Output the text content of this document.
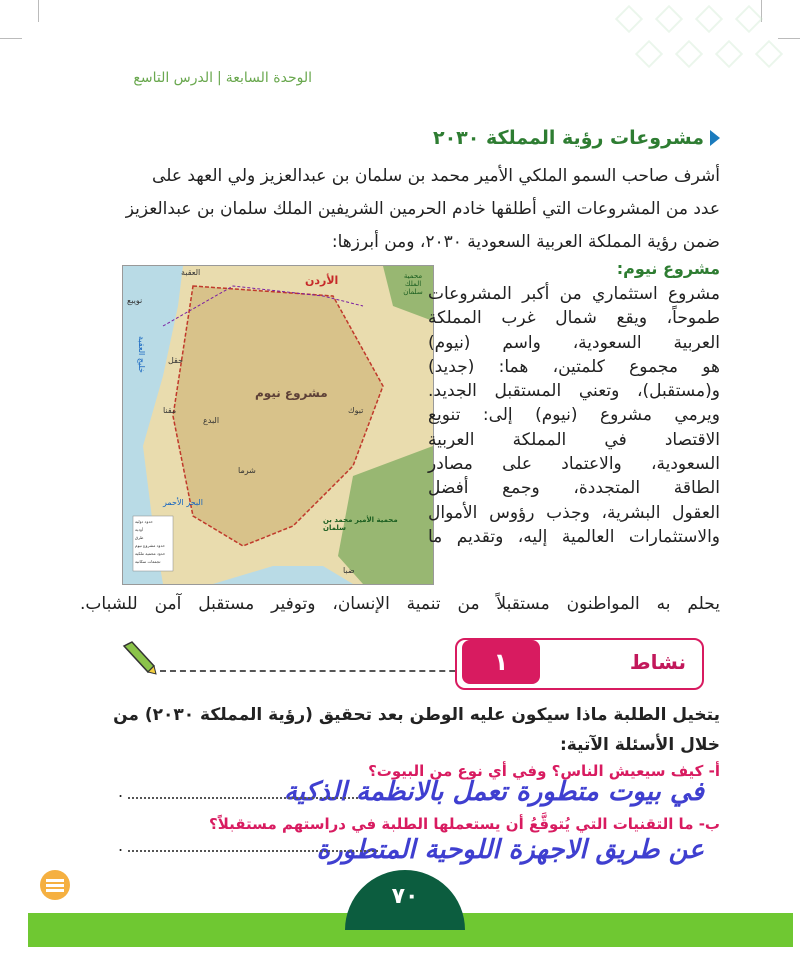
الوحدة السابعة|الدرس التاسع
مشروعات رؤية المملكة ٢٠٣٠
أشرف صاحب السمو الملكي الأمير محمد بن سلمان بن عبدالعزيز ولي العهد على
عدد من المشروعات التي أطلقها خادم الحرمين الشريفين الملك سلمان بن عبدالعزيز
ضمن رؤية المملكة العربية السعودية ٢٠٣٠، ومن أبرزها:
الأردن
مشروع نيوم
محمية الملك سلمان
محمية الأمير محمد بن سلمان
تبوك
ضبا
نويبع
العقبة
حقل
مقنا
البدع
شرما
خليج العقبة
البحر الأحمر
حدود دولية
أودية
طرق
حدود مشروع نيوم
حدود محمية ملكية
تجمعات سكانية
مشروع نيوم:
مشروع استثماري من أكبر المشروعات
طموحاً، ويقع شمال غرب المملكة
العربية السعودية، واسم (نيوم)
هو مجموع كلمتين، هما: (جديد)
و(مستقبل)، وتعني المستقبل الجديد.
ويرمي مشروع (نيوم) إلى: تنويع
الاقتصاد في المملكة العربية
السعودية، والاعتماد على مصادر
الطاقة المتجددة، وجمع أفضل
العقول البشرية، وجذب رؤوس الأموال
والاستثمارات العالمية إليه، وتقديم ما
يحلم به المواطنون مستقبلاً من تنمية الإنسان، وتوفير مستقبل آمن للشباب.
١	نشاط
يتخيل الطلبة ماذا سيكون عليه الوطن بعد تحقيق (رؤية المملكة ٢٠٣٠) من خلال الأسئلة الآتية:
أ- كيف سيعيش الناس؟ وفي أي نوع من البيوت؟
في بيوت متطورة تعمل بالانظمة الذكية
.
ب- ما التقنيات التي يُتوقَّعُ أن يستعملها الطلبة في دراستهم مستقبلاً؟
عن طريق الاجهزة اللوحية المتطورة
.
٧٠
